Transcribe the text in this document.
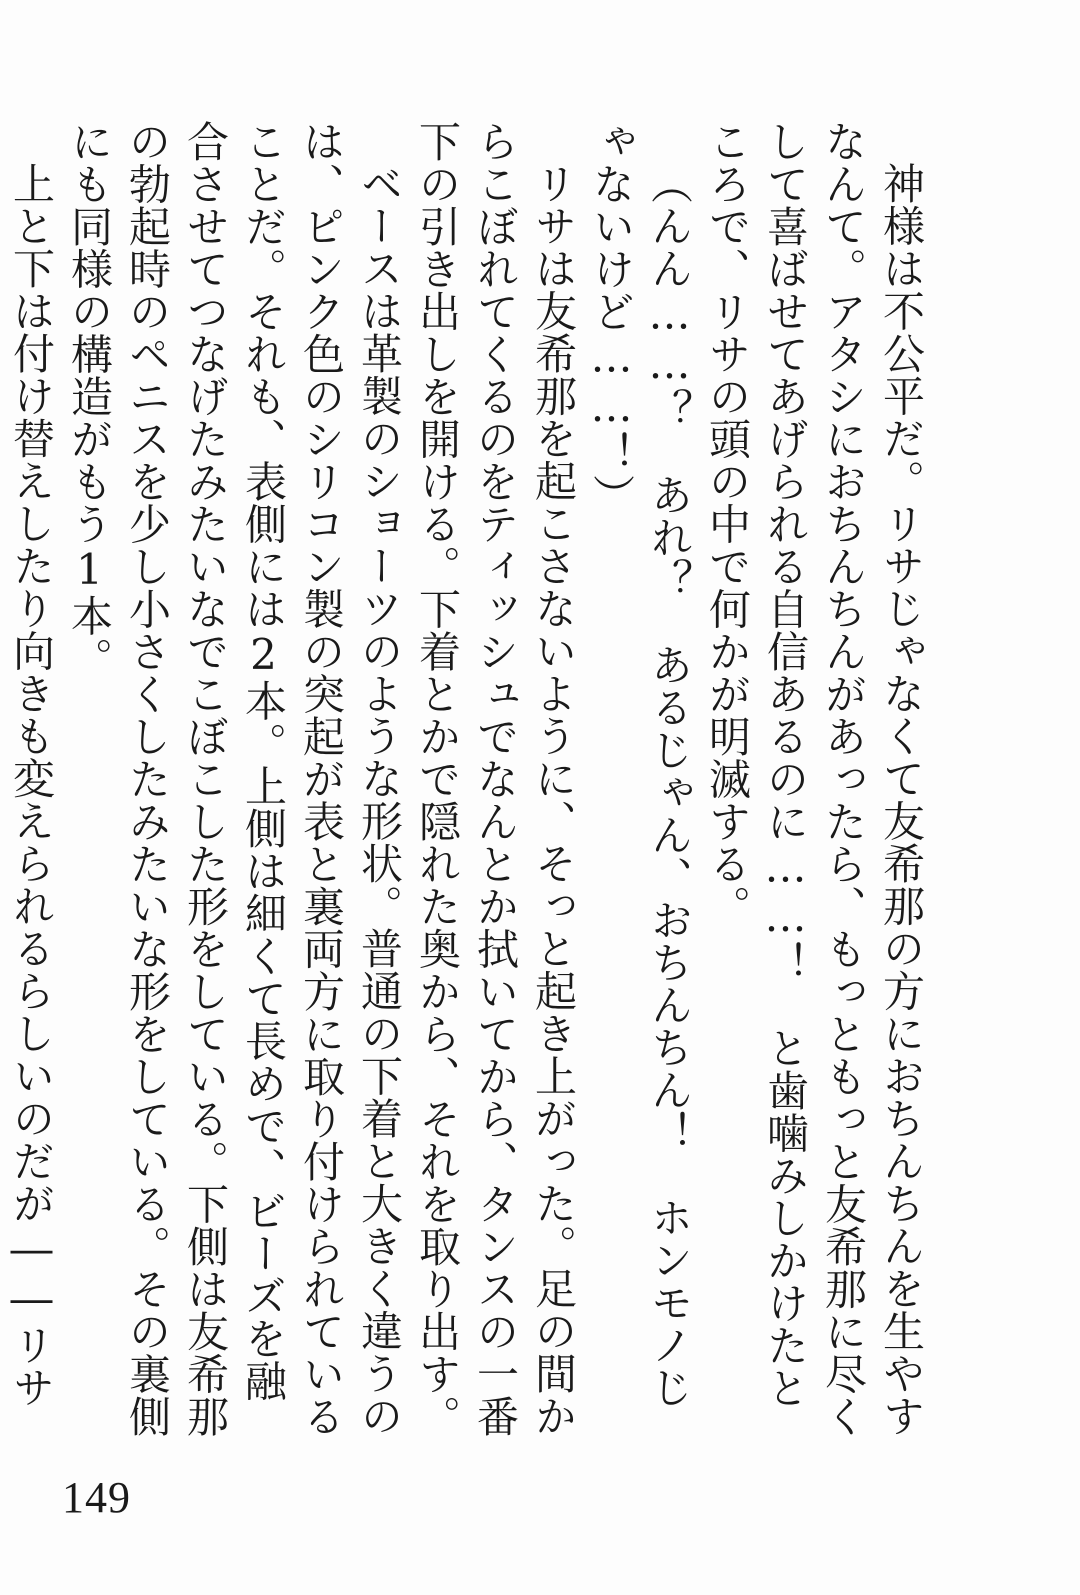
神様は不公平だ。リサじゃなくて友希那の方におちんちんを生やすなんて。アタシにおちんちんがあったら、もっともっと友希那に尽くして喜ばせてあげられる自信あるのに……！　と歯噛みしかけたところで、リサの頭の中で何かが明滅する。

（んん……？　あれ？　あるじゃん、おちんちん！　ホンモノじゃないけど……！）

リサは友希那を起こさないように、そっと起き上がった。足の間からこぼれてくるのをティッシュでなんとか拭いてから、タンスの一番下の引き出しを開ける。下着とかで隠れた奥から、それを取り出す。

ベースは革製のショーツのような形状。普通の下着と大きく違うのは、ピンク色のシリコン製の突起が表と裏両方に取り付けられていることだ。それも、表側には2本。上側は細くて長めで、ビーズを融合させてつなげたみたいなでこぼこした形をしている。下側は友希那の勃起時のペニスを少し小さくしたみたいな形をしている。その裏側にも同様の構造がもう1本。

上と下は付け替えしたり向きも変えられるらしいのだが――リサ

149
